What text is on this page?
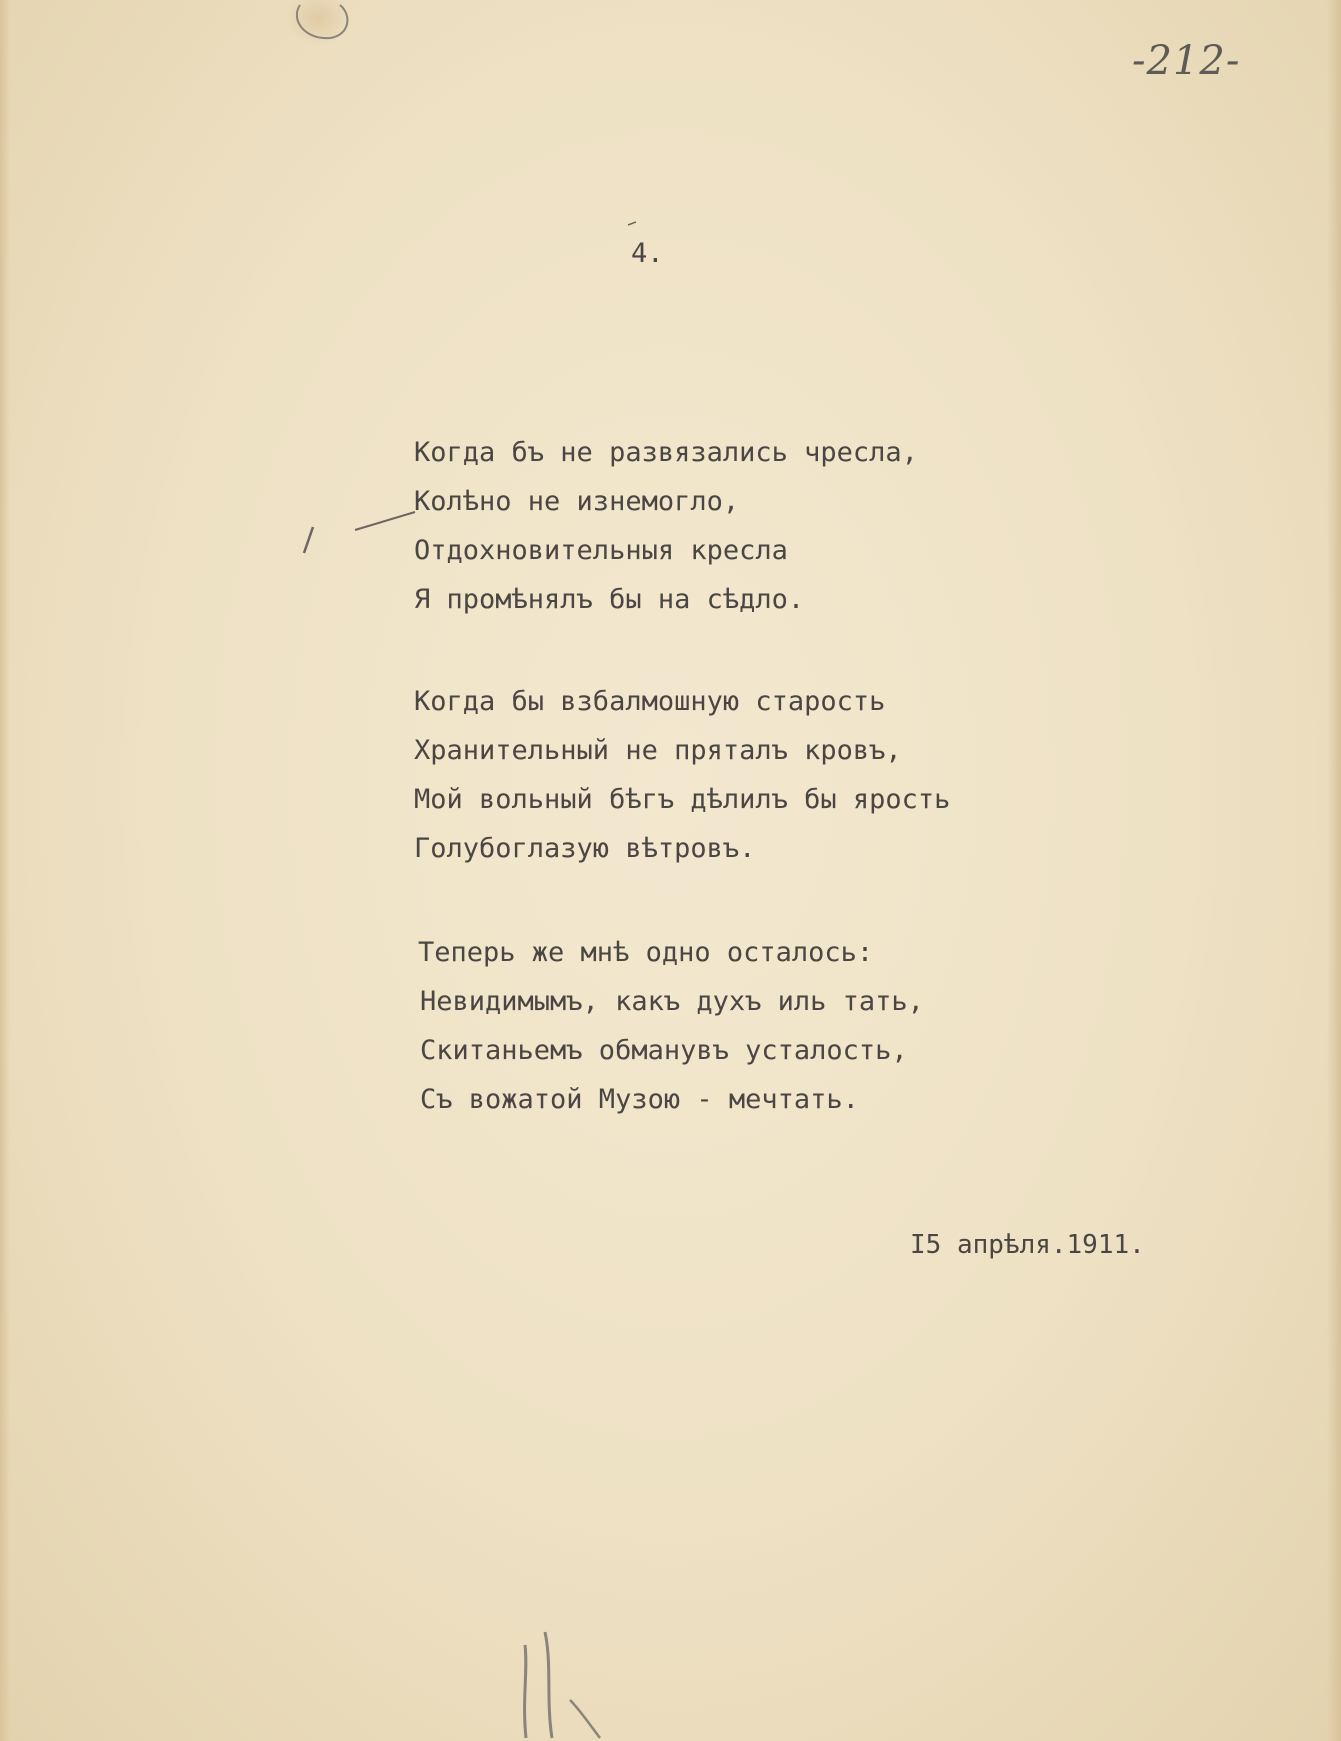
-212-
4.
Когда бъ не развязались чресла,
Колѣно не изнемогло,
Отдохновительныя кресла
Я промѣнялъ бы на сѣдло.
Когда бы взбалмошную старость
Хранительный не пряталъ кровъ,
Мой вольный бѣгъ дѣлилъ бы ярость
Голубоглазую вѣтровъ.
Теперь же мнѣ одно осталось:
Невидимымъ, какъ духъ иль тать,
Скитаньемъ обманувъ усталость,
Съ вожатой Музою - мечтать.
I5 апрѣля.1911.
